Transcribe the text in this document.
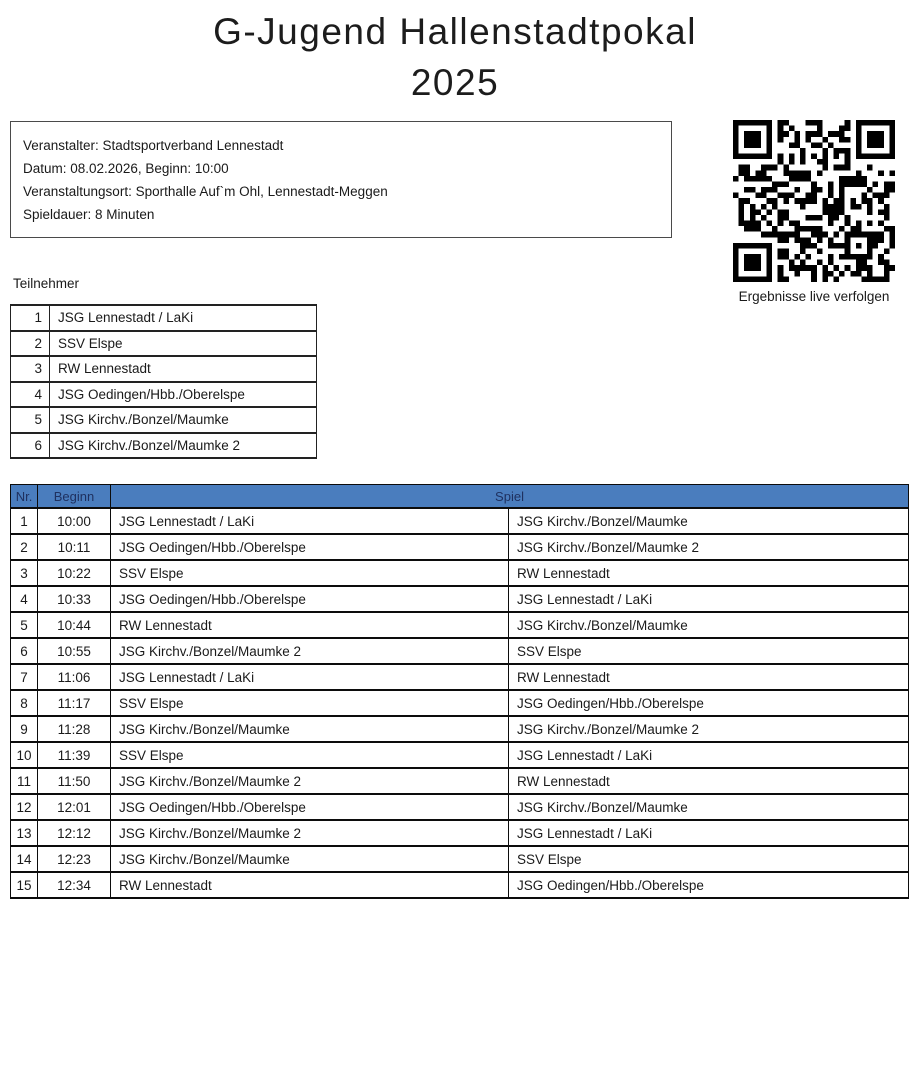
G-Jugend Hallenstadtpokal
2025
Veranstalter: Stadtsportverband Lennestadt
Datum: 08.02.2026, Beginn: 10:00
Veranstaltungsort: Sporthalle Auf`m Ohl, Lennestadt-Meggen
Spieldauer: 8 Minuten
Ergebnisse live verfolgen
Teilnehmer
1	JSG Lennestadt / LaKi
2	SSV Elspe
3	RW Lennestadt
4	JSG Oedingen/Hbb./Oberelspe
5	JSG Kirchv./Bonzel/Maumke
6	JSG Kirchv./Bonzel/Maumke 2
Nr.	Beginn	Spiel	
1	10:00	JSG Lennestadt / LaKi	JSG Kirchv./Bonzel/Maumke
2	10:11	JSG Oedingen/Hbb./Oberelspe	JSG Kirchv./Bonzel/Maumke 2
3	10:22	SSV Elspe	RW Lennestadt
4	10:33	JSG Oedingen/Hbb./Oberelspe	JSG Lennestadt / LaKi
5	10:44	RW Lennestadt	JSG Kirchv./Bonzel/Maumke
6	10:55	JSG Kirchv./Bonzel/Maumke 2	SSV Elspe
7	11:06	JSG Lennestadt / LaKi	RW Lennestadt
8	11:17	SSV Elspe	JSG Oedingen/Hbb./Oberelspe
9	11:28	JSG Kirchv./Bonzel/Maumke	JSG Kirchv./Bonzel/Maumke 2
10	11:39	SSV Elspe	JSG Lennestadt / LaKi
11	11:50	JSG Kirchv./Bonzel/Maumke 2	RW Lennestadt
12	12:01	JSG Oedingen/Hbb./Oberelspe	JSG Kirchv./Bonzel/Maumke
13	12:12	JSG Kirchv./Bonzel/Maumke 2	JSG Lennestadt / LaKi
14	12:23	JSG Kirchv./Bonzel/Maumke	SSV Elspe
15	12:34	RW Lennestadt	JSG Oedingen/Hbb./Oberelspe
